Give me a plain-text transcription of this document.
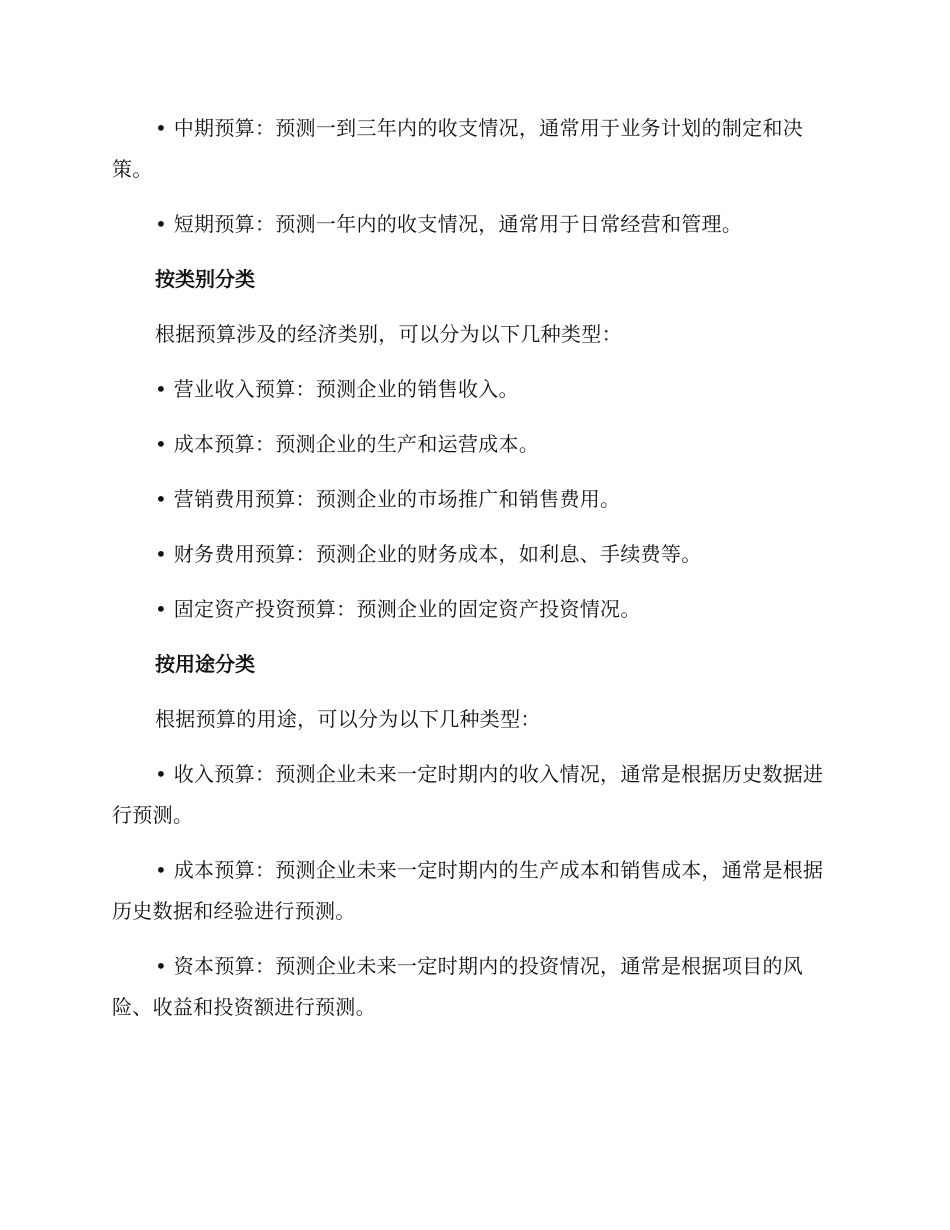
• 中期预算：预测一到三年内的收支情况，通常用于业务计划的制定和决策。

• 短期预算：预测一年内的收支情况，通常用于日常经营和管理。

按类别分类

根据预算涉及的经济类别，可以分为以下几种类型：

• 营业收入预算：预测企业的销售收入。

• 成本预算：预测企业的生产和运营成本。

• 营销费用预算：预测企业的市场推广和销售费用。

• 财务费用预算：预测企业的财务成本，如利息、手续费等。

• 固定资产投资预算：预测企业的固定资产投资情况。

按用途分类

根据预算的用途，可以分为以下几种类型：

• 收入预算：预测企业未来一定时期内的收入情况，通常是根据历史数据进行预测。

• 成本预算：预测企业未来一定时期内的生产成本和销售成本，通常是根据历史数据和经验进行预测。

• 资本预算：预测企业未来一定时期内的投资情况，通常是根据项目的风险、收益和投资额进行预测。
